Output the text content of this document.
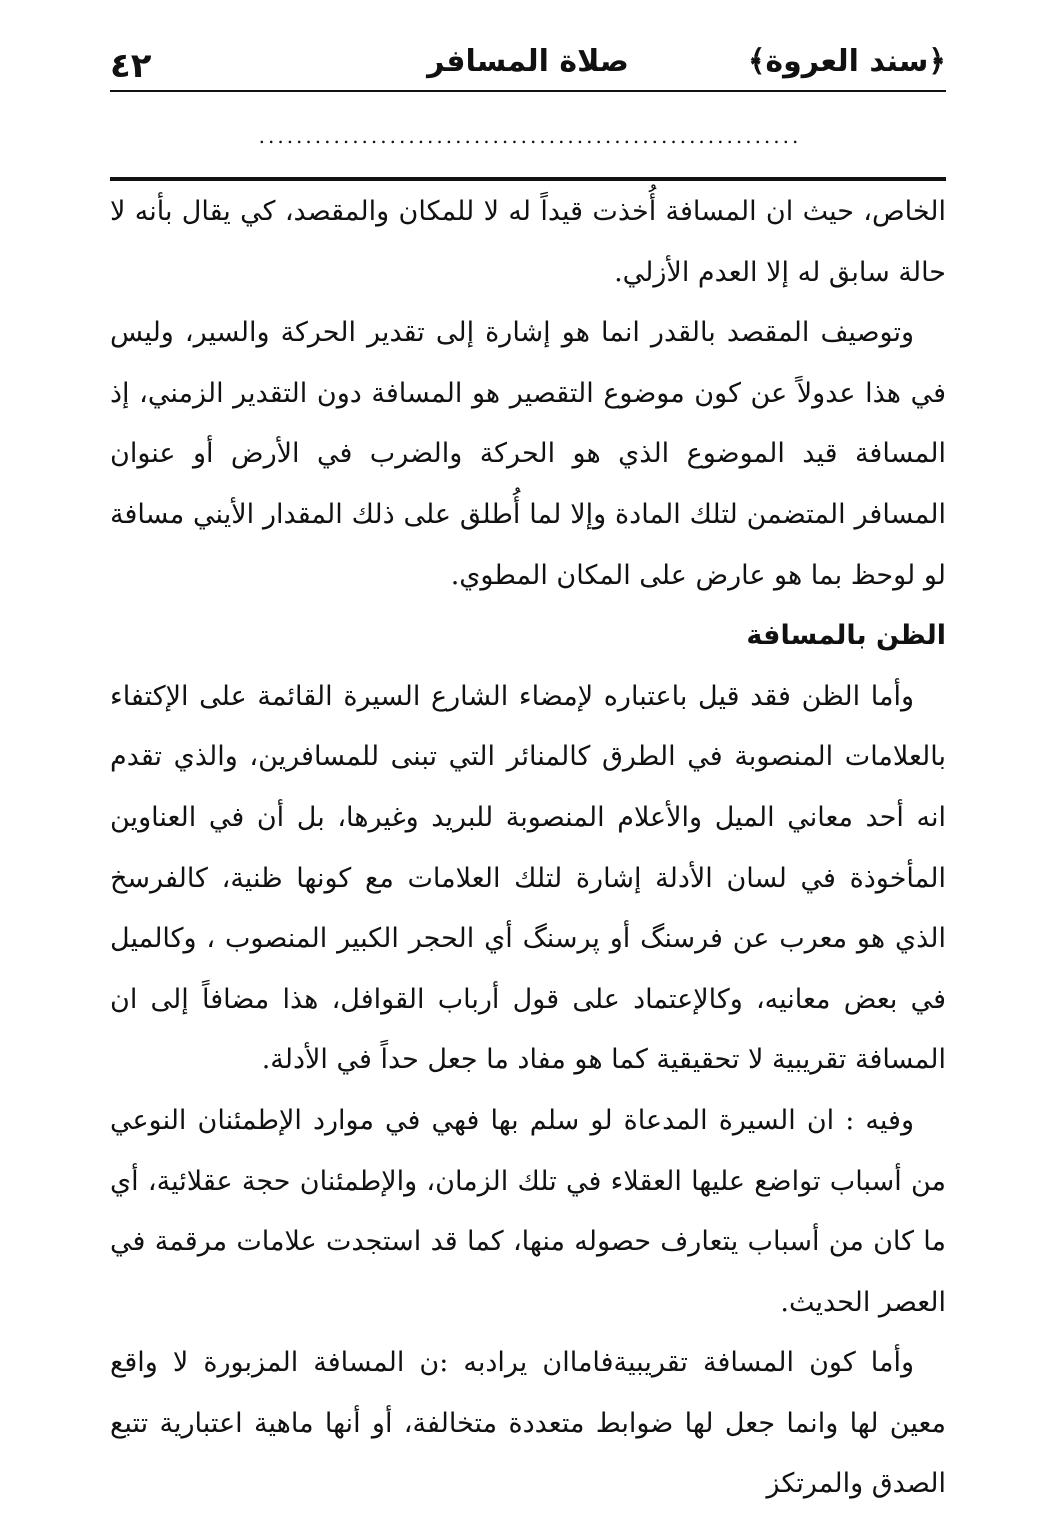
٤٢	صلاة المسافر	﴿سند العروة﴾
..........................................................

الخاص، حيث ان المسافة أُخذت قيداً له لا للمكان والمقصد، كي يقال بأنه لا حالة سابق له إلا العدم الأزلي.

وتوصيف المقصد بالقدر انما هو إشارة إلى تقدير الحركة والسير، وليس في هذا عدولاً عن كون موضوع التقصير هو المسافة دون التقدير الزمني، إذ المسافة قيد الموضوع الذي هو الحركة والضرب في الأرض أو عنوان المسافر المتضمن لتلك المادة وإلا لما أُطلق على ذلك المقدار الأيني مسافة لو لوحظ بما هو عارض على المكان المطوي.

الظن بالمسافة

وأما الظن فقد قيل باعتباره لإمضاء الشارع السيرة القائمة على الإكتفاء بالعلامات المنصوبة في الطرق كالمنائر التي تبنى للمسافرين، والذي تقدم انه أحد معاني الميل والأعلام المنصوبة للبريد وغيرها، بل أن في العناوين المأخوذة في لسان الأدلة إشارة لتلك العلامات مع كونها ظنية، كالفرسخ الذي هو معرب عن فرسنگ أو پرسنگ أي الحجر الكبير المنصوب ، وكالميل في بعض معانيه، وكالإعتماد على قول أرباب القوافل، هذا مضافاً إلى ان المسافة تقريبية لا تحقيقية كما هو مفاد ما جعل حداً في الأدلة.

وفيه : ان السيرة المدعاة لو سلم بها فهي في موارد الإطمئنان النوعي من أسباب تواضع عليها العقلاء في تلك الزمان، والإطمئنان حجة عقلائية، أي ما كان من أسباب يتعارف حصوله منها، كما قد استجدت علامات مرقمة في العصر الحديث.

وأما كون المسافة تقريبيةفاماان يرادبه :ن المسافة المزبورة لا واقع معين لها وانما جعل لها ضوابط متعددة متخالفة، أو أنها ماهية اعتبارية تتبع الصدق والمرتكز
